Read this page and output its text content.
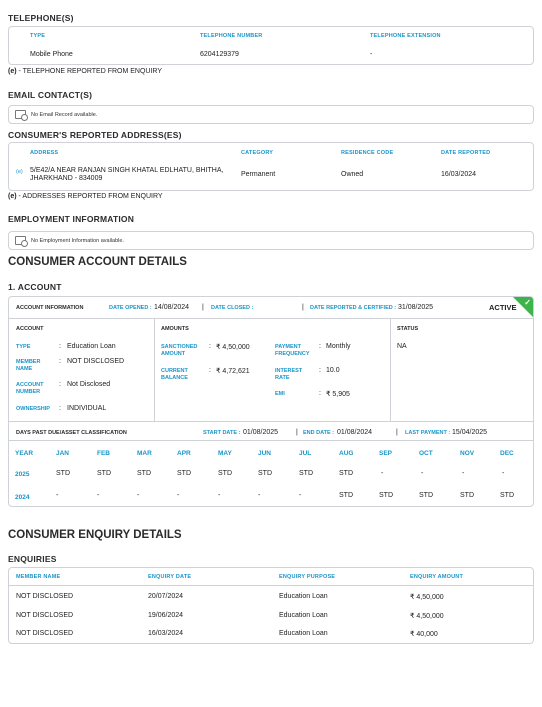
TELEPHONE(S)
TYPE	TELEPHONE NUMBER	TELEPHONE EXTENSION
Mobile Phone	6204129379	-
(e) - TELEPHONE REPORTED FROM ENQUIRY
EMAIL CONTACT(S)
No Email Record available.
CONSUMER'S REPORTED ADDRESS(ES)
ADDRESS	CATEGORY	RESIDENCE CODE	DATE REPORTED
(e) 5/E42/A NEAR RANJAN SINGH KHATAL EDLHATU, BHITHA,
JHARKHAND - 834009
Permanent	Owned	16/03/2024
(e) - ADDRESSES REPORTED FROM ENQUIRY
EMPLOYMENT INFORMATION
No Employment Information available.
CONSUMER ACCOUNT DETAILS
1. ACCOUNT
✓
ACCOUNT INFORMATION	DATE OPENED : 14/08/2024 | DATE CLOSED :	| DATE REPORTED & CERTIFIED : 31/08/2025	ACTIVE
ACCOUNT
TYPE	: Education Loan
MEMBER NAME
: NOT DISCLOSED
ACCOUNT NUMBER
: Not Disclosed
OWNERSHIP : INDIVIDUAL
AMOUNTS
SANCTIONED AMOUNT
: ₹ 4,50,000
CURRENT BALANCE
: ₹ 4,72,621
PAYMENT FREQUENCY
: Monthly
INTEREST RATE
: 10.0
EMI	: ₹ 5,905
STATUS
NA
DAYS PAST DUE/ASSET CLASSIFICATION	START DATE : 01/08/2025	| END DATE : 01/08/2024	| LAST PAYMENT : 15/04/2025
YEAR	JAN	FEB	MAR	APR	MAY	JUN	JUL	AUG	SEP	OCT	NOV	DEC
2025	STD	STD	STD	STD	STD	STD	STD	STD	-	-	-	-
2024	-	-	-	-	-	-	-	STD	STD	STD	STD	STD
CONSUMER ENQUIRY DETAILS
ENQUIRIES
MEMBER NAME	ENQUIRY DATE	ENQUIRY PURPOSE	ENQUIRY AMOUNT
NOT DISCLOSED	20/07/2024	Education Loan	₹ 4,50,000
NOT DISCLOSED	19/06/2024	Education Loan	₹ 4,50,000
NOT DISCLOSED	16/03/2024	Education Loan	₹ 40,000
